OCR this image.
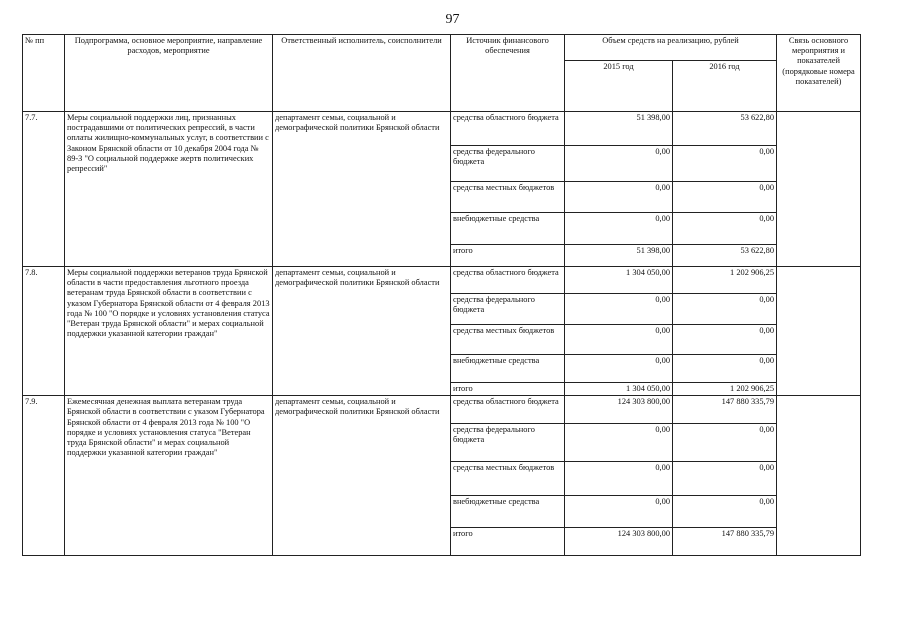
97
№ пп	Подпрограмма, основное мероприятие, направление расходов, мероприятие	Ответственный исполнитель, соисполнители	Источник финансового обеспечения	Объем средств на реализацию, рублей		Связь основного мероприятия и показателей (порядковые номера показателей)
				2015 год	2016 год	
7.7.	Меры социальной поддержки лиц, признанных пострадавшими от политических репрессий, в части оплаты жилищно-коммунальных услуг, в соответствии с Законом Брянской области от 10 декабря 2004 года № 89-З "О социальной поддержке жертв политических репрессий"	департамент семьи, социальной и демографической политики Брянской области	средства областного бюджета	51 398,00	53 622,80	
			средства федерального бюджета	0,00	0,00	
			средства местных бюджетов	0,00	0,00	
			внебюджетные средства	0,00	0,00	
			итого	51 398,00	53 622,80	
7.8.	Меры социальной поддержки ветеранов труда Брянской области в части предоставления льготного проезда ветеранам труда Брянской области в соответствии с указом Губернатора Брянской области от 4 февраля 2013 года № 100 "О порядке и условиях установления статуса "Ветеран труда Брянской области" и мерах социальной поддержки указанной категории граждан"	департамент семьи, социальной и демографической политики Брянской области	средства областного бюджета	1 304 050,00	1 202 906,25	
			средства федерального бюджета	0,00	0,00	
			средства местных бюджетов	0,00	0,00	
			внебюджетные средства	0,00	0,00	
			итого	1 304 050,00	1 202 906,25	
7.9.	Ежемесячная денежная выплата ветеранам труда Брянской области в соответствии с указом Губернатора Брянской области от 4 февраля 2013 года № 100 "О порядке и условиях установления статуса "Ветеран труда Брянской области" и мерах социальной поддержки указанной категории граждан"	департамент семьи, социальной и демографической политики Брянской области	средства областного бюджета	124 303 800,00	147 880 335,79	
			средства федерального бюджета	0,00	0,00	
			средства местных бюджетов	0,00	0,00	
			внебюджетные средства	0,00	0,00	
			итого	124 303 800,00	147 880 335,79	
